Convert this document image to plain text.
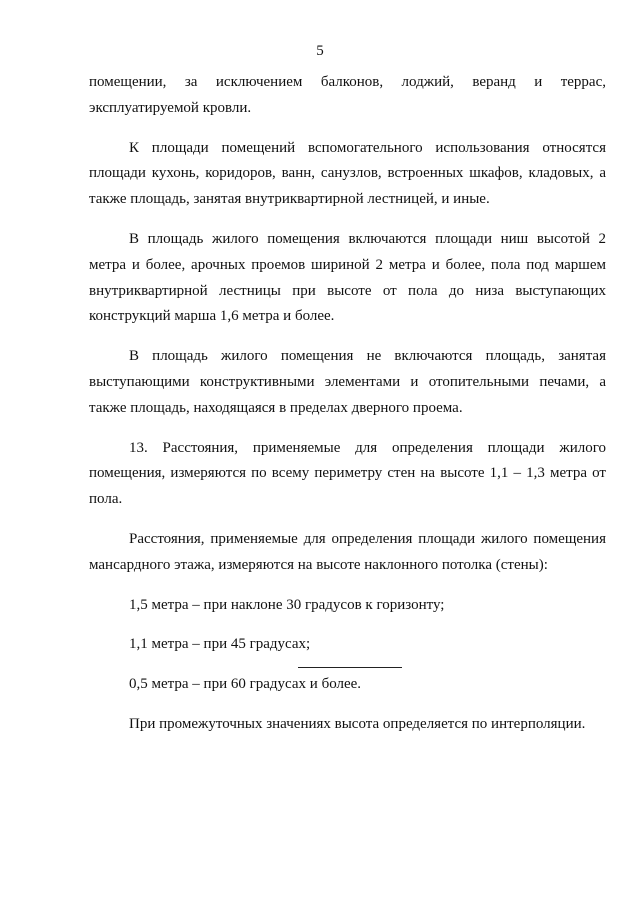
5

помещении, за исключением балконов, лоджий, веранд и террас, эксплуатируемой кровли.

К площади помещений вспомогательного использования относятся площади кухонь, коридоров, ванн, санузлов, встроенных шкафов, кладовых, а также площадь, занятая внутриквартирной лестницей, и иные.

В площадь жилого помещения включаются площади ниш высотой 2 метра и более, арочных проемов шириной 2 метра и более, пола под маршем внутриквартирной лестницы при высоте от пола до низа выступающих конструкций марша 1,6 метра и более.

В площадь жилого помещения не включаются площадь, занятая выступающими конструктивными элементами и отопительными печами, а также площадь, находящаяся в пределах дверного проема.

13. Расстояния, применяемые для определения площади жилого помещения, измеряются по всему периметру стен на высоте 1,1 – 1,3 метра от пола.

Расстояния, применяемые для определения площади жилого помещения мансардного этажа, измеряются на высоте наклонного потолка (стены):

1,5 метра – при наклоне 30 градусов к горизонту;

1,1 метра – при 45 градусах;

0,5 метра – при 60 градусах и более.

При промежуточных значениях высота определяется по интерполяции.
